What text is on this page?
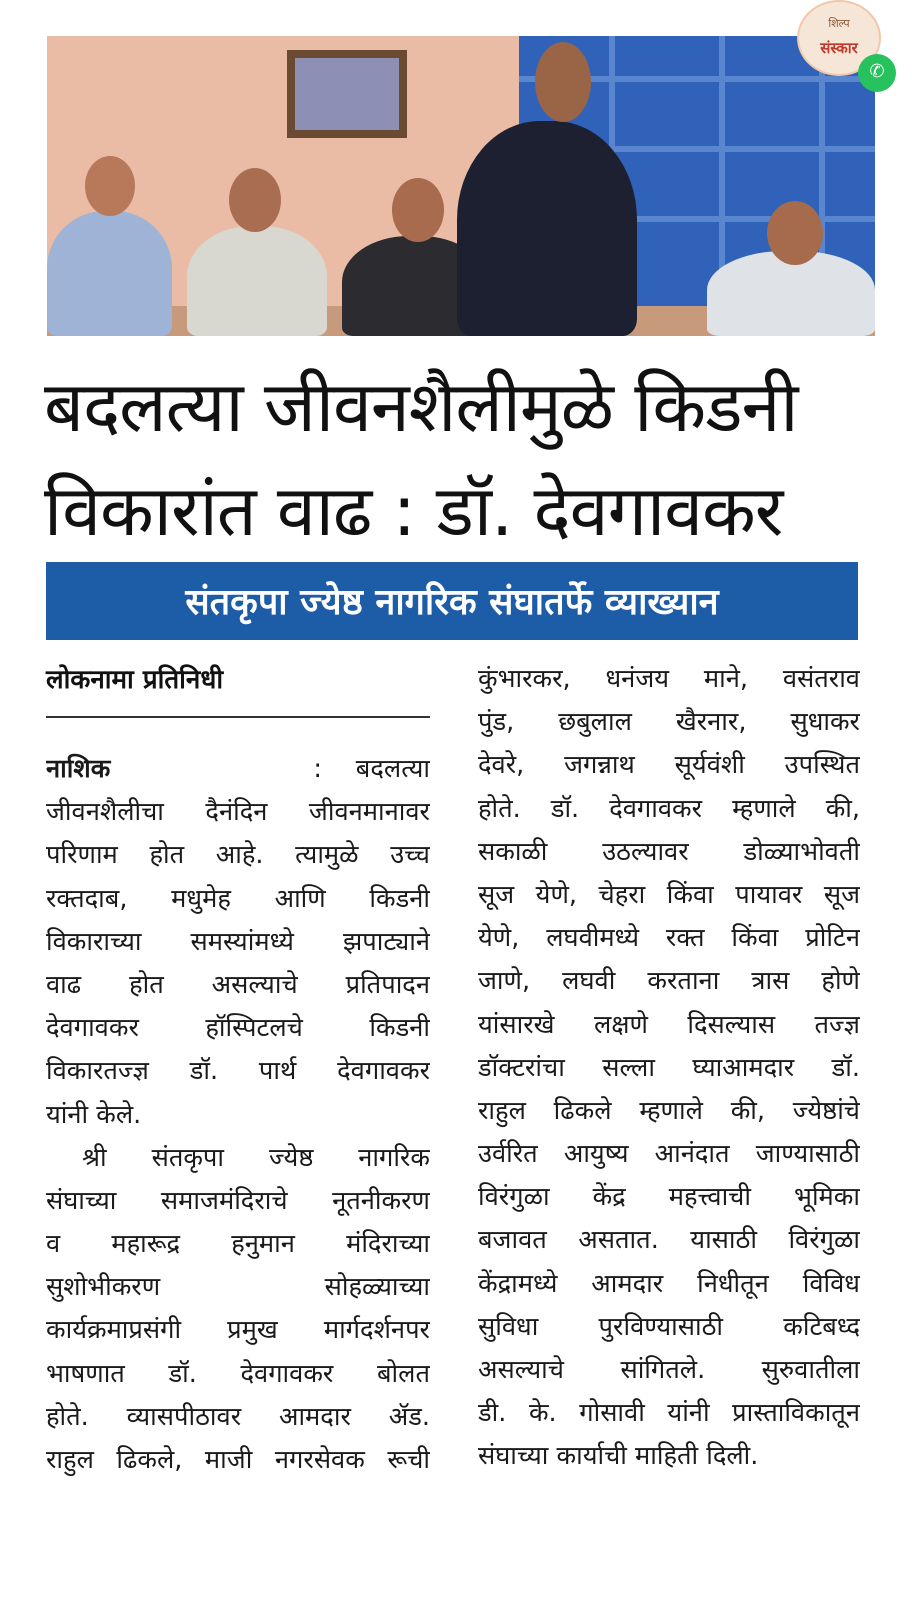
शिल्प
संस्कार
✆
बदलत्या जीवनशैलीमुळे किडनी
विकारांत वाढ : डॉ. देवगावकर
संतकृपा ज्येष्ठ नागरिक संघातर्फे व्याख्यान
लोकनामा प्रतिनिधी
नाशिक	: बदलत्या
जीवनशैलीचा दैनंदिन जीवनमानावर
परिणाम होत आहे. त्यामुळे उच्च
रक्तदाब, मधुमेह आणि किडनी
विकाराच्या समस्यांमध्ये झपाट्याने
वाढ होत असल्याचे प्रतिपादन
देवगावकर हॉस्पिटलचे किडनी
विकारतज्ज्ञ डॉ. पार्थ देवगावकर
यांनी केले.
श्री संतकृपा ज्येष्ठ नागरिक
संघाच्या समाजमंदिराचे नूतनीकरण
व महारूद्र हनुमान मंदिराच्या
सुशोभीकरण सोहळ्याच्या
कार्यक्रमाप्रसंगी प्रमुख मार्गदर्शनपर
भाषणात डॉ. देवगावकर बोलत
होते. व्यासपीठावर आमदार ॲड.
राहुल ढिकले, माजी नगरसेवक रूची
कुंभारकर, धनंजय माने, वसंतराव
पुंड, छबुलाल खैरनार, सुधाकर
देवरे, जगन्नाथ सूर्यवंशी उपस्थित
होते. डॉ. देवगावकर म्हणाले की,
सकाळी उठल्यावर डोळ्याभोवती
सूज येणे, चेहरा किंवा पायावर सूज
येणे, लघवीमध्ये रक्त किंवा प्रोटिन
जाणे, लघवी करताना त्रास होणे
यांसारखे लक्षणे दिसल्यास तज्ज्ञ
डॉक्टरांचा सल्ला घ्याआमदार डॉ.
राहुल ढिकले म्हणाले की, ज्येष्ठांचे
उर्वरित आयुष्य आनंदात जाण्यासाठी
विरंगुळा केंद्र महत्त्वाची भूमिका
बजावत असतात. यासाठी विरंगुळा
केंद्रामध्ये आमदार निधीतून विविध
सुविधा पुरविण्यासाठी कटिबध्द
असल्याचे सांगितले. सुरुवातीला
डी. के. गोसावी यांनी प्रास्ताविकातून
संघाच्या कार्याची माहिती दिली.
